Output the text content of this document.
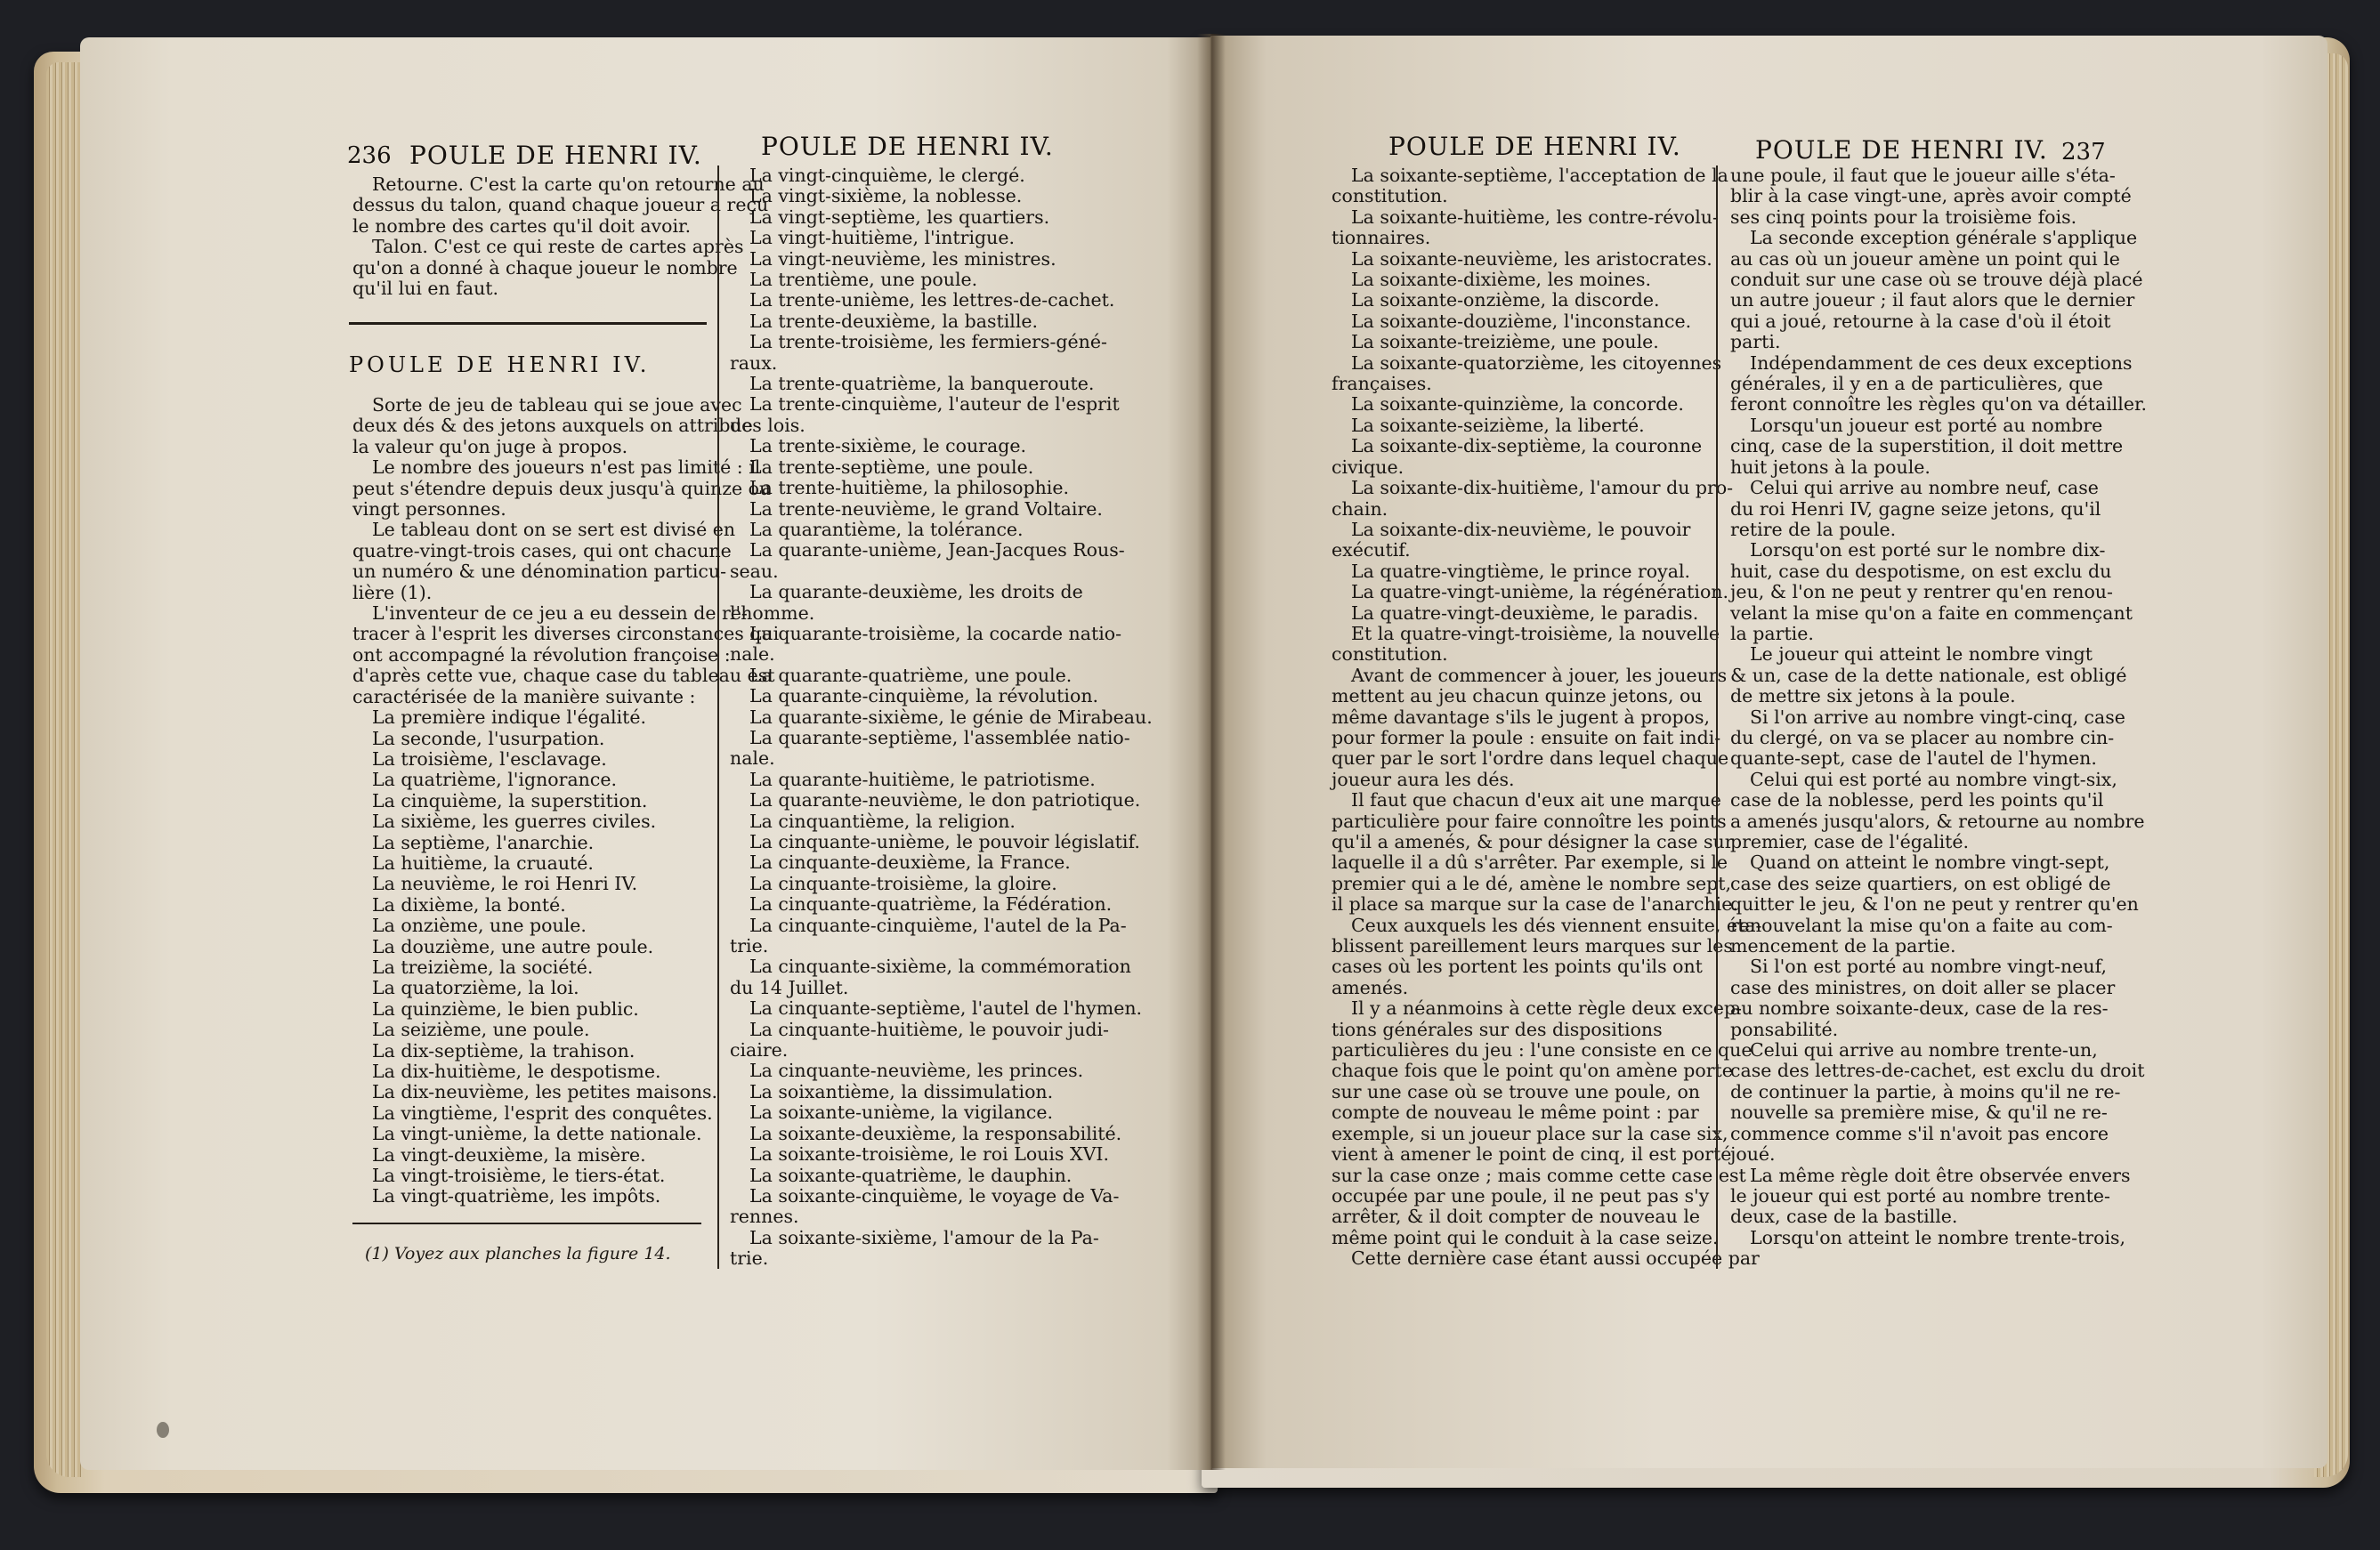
236 POULE DE HENRI IV. POULE DE HENRI IV.
Retourne. C'est la carte qu'on retourne au
dessus du talon, quand chaque joueur a reçu
le nombre des cartes qu'il doit avoir.
Talon. C'est ce qui reste de cartes après
qu'on a donné à chaque joueur le nombre
qu'il lui en faut.
POULE DE HENRI IV.
Sorte de jeu de tableau qui se joue avec
deux dés & des jetons auxquels on attribue
la valeur qu'on juge à propos.
Le nombre des joueurs n'est pas limité : il
peut s'étendre depuis deux jusqu'à quinze ou
vingt personnes.
Le tableau dont on se sert est divisé en
quatre-vingt-trois cases, qui ont chacune
un numéro & une dénomination particu-
lière (1).
L'inventeur de ce jeu a eu dessein de re-
tracer à l'esprit les diverses circonstances qui
ont accompagné la révolution françoise :
d'après cette vue, chaque case du tableau est
caractérisée de la manière suivante :
La première indique l'égalité.
La seconde, l'usurpation.
La troisième, l'esclavage.
La quatrième, l'ignorance.
La cinquième, la superstition.
La sixième, les guerres civiles.
La septième, l'anarchie.
La huitième, la cruauté.
La neuvième, le roi Henri IV.
La dixième, la bonté.
La onzième, une poule.
La douzième, une autre poule.
La treizième, la société.
La quatorzième, la loi.
La quinzième, le bien public.
La seizième, une poule.
La dix-septième, la trahison.
La dix-huitième, le despotisme.
La dix-neuvième, les petites maisons.
La vingtième, l'esprit des conquêtes.
La vingt-unième, la dette nationale.
La vingt-deuxième, la misère.
La vingt-troisième, le tiers-état.
La vingt-quatrième, les impôts.
(1) Voyez aux planches la figure 14.
La vingt-cinquième, le clergé.
La vingt-sixième, la noblesse.
La vingt-septième, les quartiers.
La vingt-huitième, l'intrigue.
La vingt-neuvième, les ministres.
La trentième, une poule.
La trente-unième, les lettres-de-cachet.
La trente-deuxième, la bastille.
La trente-troisième, les fermiers-géné-
raux.
La trente-quatrième, la banqueroute.
La trente-cinquième, l'auteur de l'esprit
des lois.
La trente-sixième, le courage.
La trente-septième, une poule.
La trente-huitième, la philosophie.
La trente-neuvième, le grand Voltaire.
La quarantième, la tolérance.
La quarante-unième, Jean-Jacques Rous-
seau.
La quarante-deuxième, les droits de
l'homme.
La quarante-troisième, la cocarde natio-
nale.
La quarante-quatrième, une poule.
La quarante-cinquième, la révolution.
La quarante-sixième, le génie de Mirabeau.
La quarante-septième, l'assemblée natio-
nale.
La quarante-huitième, le patriotisme.
La quarante-neuvième, le don patriotique.
La cinquantième, la religion.
La cinquante-unième, le pouvoir législatif.
La cinquante-deuxième, la France.
La cinquante-troisième, la gloire.
La cinquante-quatrième, la Fédération.
La cinquante-cinquième, l'autel de la Pa-
trie.
La cinquante-sixième, la commémoration
du 14 Juillet.
La cinquante-septième, l'autel de l'hymen.
La cinquante-huitième, le pouvoir judi-
ciaire.
La cinquante-neuvième, les princes.
La soixantième, la dissimulation.
La soixante-unième, la vigilance.
La soixante-deuxième, la responsabilité.
La soixante-troisième, le roi Louis XVI.
La soixante-quatrième, le dauphin.
La soixante-cinquième, le voyage de Va-
rennes.
La soixante-sixième, l'amour de la Pa-
trie.
POULE DE HENRI IV.	POULE DE HENRI IV. 237
La soixante-septième, l'acceptation de la
constitution.
La soixante-huitième, les contre-révolu-
tionnaires.
La soixante-neuvième, les aristocrates.
La soixante-dixième, les moines.
La soixante-onzième, la discorde.
La soixante-douzième, l'inconstance.
La soixante-treizième, une poule.
La soixante-quatorzième, les citoyennes
françaises.
La soixante-quinzième, la concorde.
La soixante-seizième, la liberté.
La soixante-dix-septième, la couronne
civique.
La soixante-dix-huitième, l'amour du pro-
chain.
La soixante-dix-neuvième, le pouvoir
exécutif.
La quatre-vingtième, le prince royal.
La quatre-vingt-unième, la régénération.
La quatre-vingt-deuxième, le paradis.
Et la quatre-vingt-troisième, la nouvelle
constitution.
Avant de commencer à jouer, les joueurs
mettent au jeu chacun quinze jetons, ou
même davantage s'ils le jugent à propos,
pour former la poule : ensuite on fait indi-
quer par le sort l'ordre dans lequel chaque
joueur aura les dés.
Il faut que chacun d'eux ait une marque
particulière pour faire connoître les points
qu'il a amenés, & pour désigner la case sur
laquelle il a dû s'arrêter. Par exemple, si le
premier qui a le dé, amène le nombre sept,
il place sa marque sur la case de l'anarchie.
Ceux auxquels les dés viennent ensuite, éta-
blissent pareillement leurs marques sur les
cases où les portent les points qu'ils ont
amenés.
Il y a néanmoins à cette règle deux excep-
tions générales sur des dispositions
particulières du jeu : l'une consiste en ce que
chaque fois que le point qu'on amène porte
sur une case où se trouve une poule, on
compte de nouveau le même point : par
exemple, si un joueur place sur la case six,
vient à amener le point de cinq, il est porté
sur la case onze ; mais comme cette case est
occupée par une poule, il ne peut pas s'y
arrêter, & il doit compter de nouveau le
même point qui le conduit à la case seize.
Cette dernière case étant aussi occupée par
une poule, il faut que le joueur aille s'éta-
blir à la case vingt-une, après avoir compté
ses cinq points pour la troisième fois.
La seconde exception générale s'applique
au cas où un joueur amène un point qui le
conduit sur une case où se trouve déjà placé
un autre joueur ; il faut alors que le dernier
qui a joué, retourne à la case d'où il étoit
parti.
Indépendamment de ces deux exceptions
générales, il y en a de particulières, que
feront connoître les règles qu'on va détailler.
Lorsqu'un joueur est porté au nombre
cinq, case de la superstition, il doit mettre
huit jetons à la poule.
Celui qui arrive au nombre neuf, case
du roi Henri IV, gagne seize jetons, qu'il
retire de la poule.
Lorsqu'on est porté sur le nombre dix-
huit, case du despotisme, on est exclu du
jeu, & l'on ne peut y rentrer qu'en renou-
velant la mise qu'on a faite en commençant
la partie.
Le joueur qui atteint le nombre vingt
& un, case de la dette nationale, est obligé
de mettre six jetons à la poule.
Si l'on arrive au nombre vingt-cinq, case
du clergé, on va se placer au nombre cin-
quante-sept, case de l'autel de l'hymen.
Celui qui est porté au nombre vingt-six,
case de la noblesse, perd les points qu'il
a amenés jusqu'alors, & retourne au nombre
premier, case de l'égalité.
Quand on atteint le nombre vingt-sept,
case des seize quartiers, on est obligé de
quitter le jeu, & l'on ne peut y rentrer qu'en
renouvelant la mise qu'on a faite au com-
mencement de la partie.
Si l'on est porté au nombre vingt-neuf,
case des ministres, on doit aller se placer
au nombre soixante-deux, case de la res-
ponsabilité.
Celui qui arrive au nombre trente-un,
case des lettres-de-cachet, est exclu du droit
de continuer la partie, à moins qu'il ne re-
nouvelle sa première mise, & qu'il ne re-
commence comme s'il n'avoit pas encore
joué.
La même règle doit être observée envers
le joueur qui est porté au nombre trente-
deux, case de la bastille.
Lorsqu'on atteint le nombre trente-trois,
